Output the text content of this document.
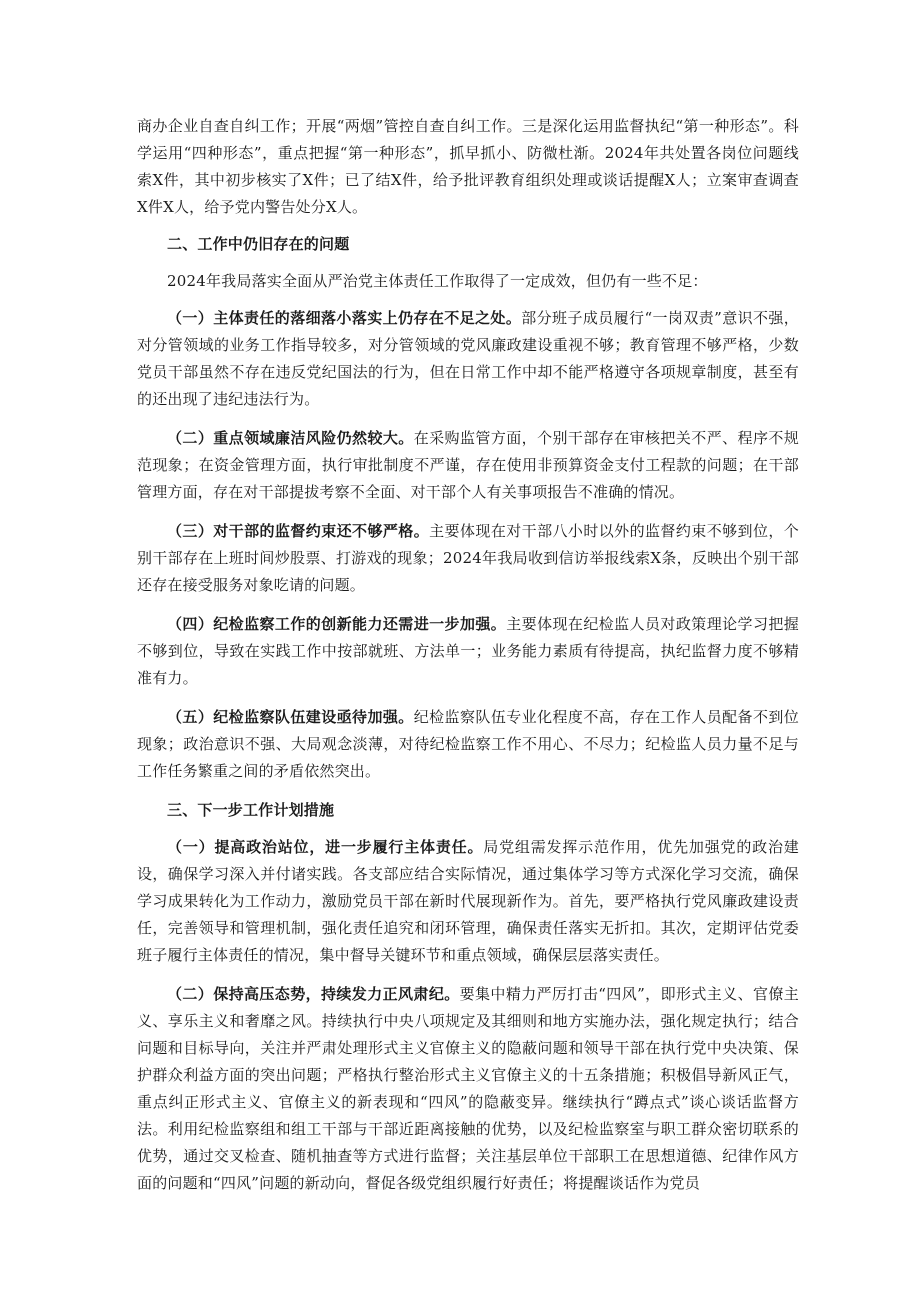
商办企业自查自纠工作；开展“两烟”管控自查自纠工作。三是深化运用监督执纪“第一种形态”。科学运用“四种形态”，重点把握“第一种形态”，抓早抓小、防微杜渐。2024年共处置各岗位问题线索X件，其中初步核实了X件；已了结X件，给予批评教育组织处理或谈话提醒X人；立案审查调查X件X人，给予党内警告处分X人。

二、工作中仍旧存在的问题

2024年我局落实全面从严治党主体责任工作取得了一定成效，但仍有一些不足：

（一）主体责任的落细落小落实上仍存在不足之处。部分班子成员履行“一岗双责”意识不强，对分管领域的业务工作指导较多，对分管领域的党风廉政建设重视不够；教育管理不够严格，少数党员干部虽然不存在违反党纪国法的行为，但在日常工作中却不能严格遵守各项规章制度，甚至有的还出现了违纪违法行为。

（二）重点领域廉洁风险仍然较大。在采购监管方面，个别干部存在审核把关不严、程序不规范现象；在资金管理方面，执行审批制度不严谨，存在使用非预算资金支付工程款的问题；在干部管理方面，存在对干部提拔考察不全面、对干部个人有关事项报告不准确的情况。

（三）对干部的监督约束还不够严格。主要体现在对干部八小时以外的监督约束不够到位，个别干部存在上班时间炒股票、打游戏的现象；2024年我局收到信访举报线索X条，反映出个别干部还存在接受服务对象吃请的问题。

（四）纪检监察工作的创新能力还需进一步加强。主要体现在纪检监人员对政策理论学习把握不够到位，导致在实践工作中按部就班、方法单一；业务能力素质有待提高，执纪监督力度不够精准有力。

（五）纪检监察队伍建设亟待加强。纪检监察队伍专业化程度不高，存在工作人员配备不到位现象；政治意识不强、大局观念淡薄，对待纪检监察工作不用心、不尽力；纪检监人员力量不足与工作任务繁重之间的矛盾依然突出。

三、下一步工作计划措施

（一）提高政治站位，进一步履行主体责任。局党组需发挥示范作用，优先加强党的政治建设，确保学习深入并付诸实践。各支部应结合实际情况，通过集体学习等方式深化学习交流，确保学习成果转化为工作动力，激励党员干部在新时代展现新作为。首先，要严格执行党风廉政建设责任，完善领导和管理机制，强化责任追究和闭环管理，确保责任落实无折扣。其次，定期评估党委班子履行主体责任的情况，集中督导关键环节和重点领域，确保层层落实责任。

（二）保持高压态势，持续发力正风肃纪。要集中精力严厉打击“四风”，即形式主义、官僚主义、享乐主义和奢靡之风。持续执行中央八项规定及其细则和地方实施办法，强化规定执行；结合问题和目标导向，关注并严肃处理形式主义官僚主义的隐蔽问题和领导干部在执行党中央决策、保护群众利益方面的突出问题；严格执行整治形式主义官僚主义的十五条措施；积极倡导新风正气，重点纠正形式主义、官僚主义的新表现和“四风”的隐蔽变异。继续执行“蹲点式”谈心谈话监督方法。利用纪检监察组和组工干部与干部近距离接触的优势，以及纪检监察室与职工群众密切联系的优势，通过交叉检查、随机抽查等方式进行监督；关注基层单位干部职工在思想道德、纪律作风方面的问题和“四风”问题的新动向，督促各级党组织履行好责任；将提醒谈话作为党员
